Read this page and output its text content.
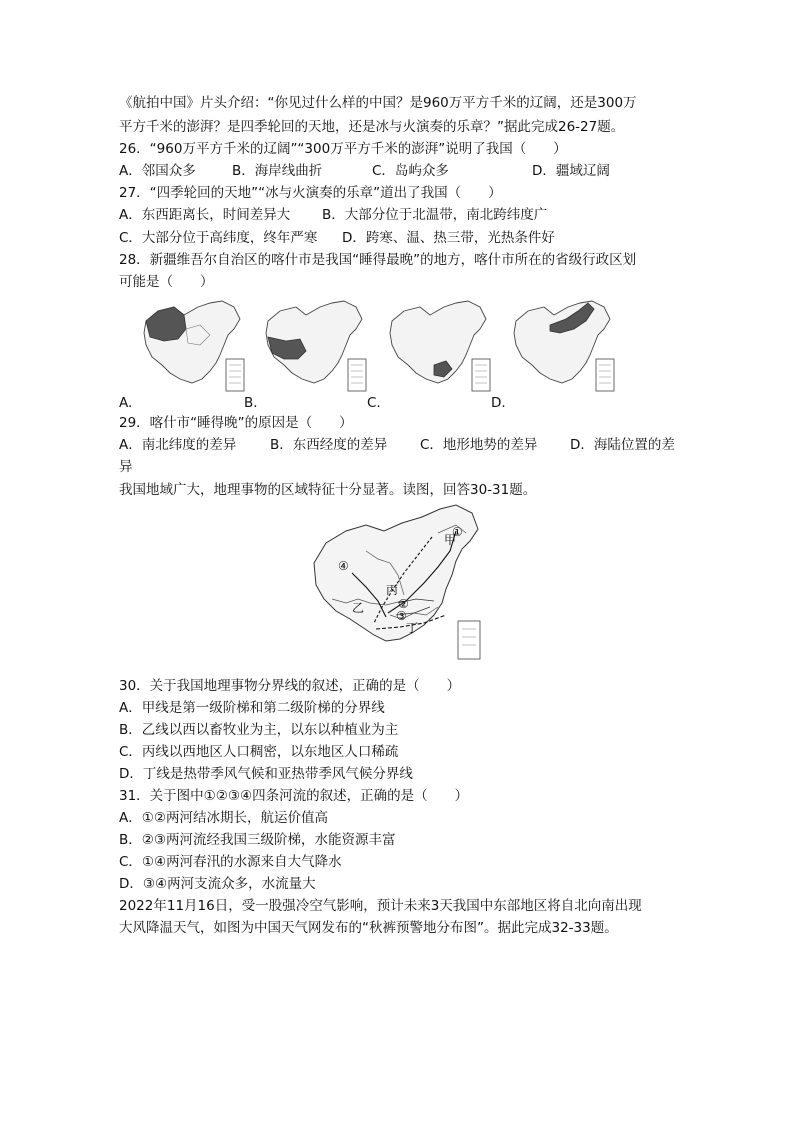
《航拍中国》片头介绍：“你见过什么样的中国？是960万平方千米的辽阔，还是300万
平方千米的澎湃？是四季轮回的天地，还是冰与火演奏的乐章？”据此完成26-27题。
26．“960万平方千米的辽阔”“300万平方千米的澎湃”说明了我国（　　）
A．邻国众多	B．海岸线曲折	C．岛屿众多	D．疆域辽阔
27．“四季轮回的天地”“冰与火演奏的乐章”道出了我国（　　）
A．东西距离长，时间差异大 B．大部分位于北温带，南北跨纬度广
C．大部分位于高纬度，终年严寒 D．跨寒、温、热三带，光热条件好
28．新疆维吾尔自治区的喀什市是我国“睡得最晚”的地方，喀什市所在的省级行政区划
可能是（　　）
A.	B.	C.	D.
29．喀什市“睡得晚”的原因是（　　）
A．南北纬度的差异	B．东西经度的差异 C．地形地势的差异 D．海陆位置的差
异
我国地域广大，地理事物的区域特征十分显著。读图，回答30-31题。
甲
乙
丙
丁
①
④
②
③
30．关于我国地理事物分界线的叙述，正确的是（　　）
A．甲线是第一级阶梯和第二级阶梯的分界线
B．乙线以西以畜牧业为主，以东以种植业为主
C．丙线以西地区人口稠密，以东地区人口稀疏
D．丁线是热带季风气候和亚热带季风气候分界线
31．关于图中①②③④四条河流的叙述，正确的是（　　）
A．①②两河结冰期长，航运价值高
B．②③两河流经我国三级阶梯，水能资源丰富
C．①④两河春汛的水源来自大气降水
D．③④两河支流众多，水流量大
2022年11月16日，受一股强冷空气影响，预计未来3天我国中东部地区将自北向南出现
大风降温天气，如图为中国天气网发布的“秋裤预警地分布图”。据此完成32-33题。
